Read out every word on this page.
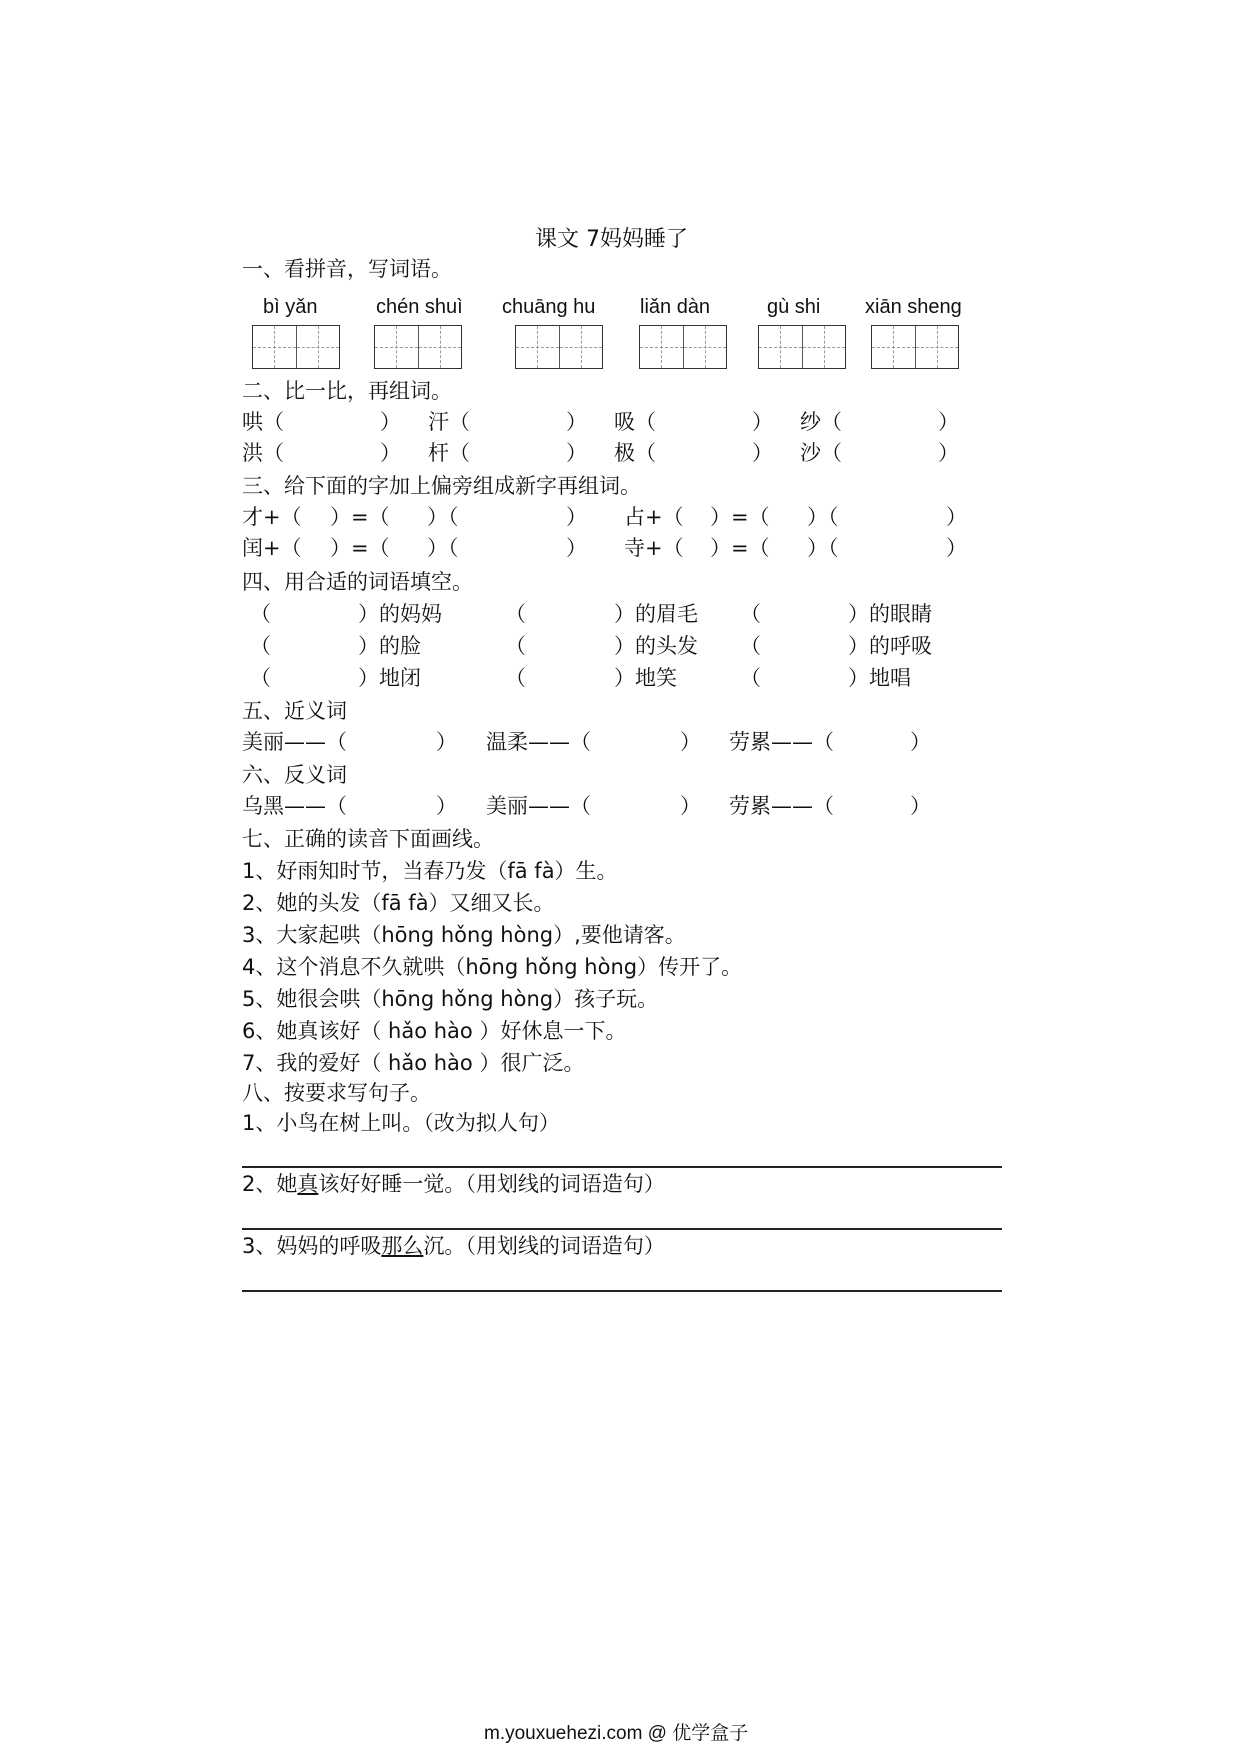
课文 7妈妈睡了
一、看拼音，写词语。
bì yǎn	chén shuì chuāng hu liǎn dàn	gù shi xiān sheng
二、比一比，再组词。
哄（	） 汗（	） 吸（	） 纱（	）
洪（	） 杆（	） 极（	） 沙（	）
三、给下面的字加上偏旁组成新字再组词。
才+（ ）=（ ）（	） 占+（ ）=（ ）（	）
闰+（ ）=（ ）（	） 寺+（ ）=（ ）（	）
四、用合适的词语填空。
（	）的妈妈	（	）的眉毛 （	）的眼睛
（	）的脸	（	）的头发 （	）的呼吸
（	）地闭	（	）地笑	（	）地唱
五、近义词
美丽——（	） 温柔——（	） 劳累——（	）
六、反义词
乌黑——（	） 美丽——（	） 劳累——（	）
七、正确的读音下面画线。
1、好雨知时节，当春乃发（fā fà）生。
2、她的头发（fā fà）又细又长。
3、大家起哄（hōng hǒng hòng）,要他请客。
4、这个消息不久就哄（hōng hǒng hòng）传开了。
5、她很会哄（hōng hǒng hòng）孩子玩。
6、她真该好（ hǎo hào ）好休息一下。
7、我的爱好（ hǎo hào ）很广泛。
八、按要求写句子。
1、小鸟在树上叫。（改为拟人句）
2、她真该好好睡一觉。（用划线的词语造句）
3、妈妈的呼吸那么沉。（用划线的词语造句）
m.youxuehezi.com @ 优学盒子
